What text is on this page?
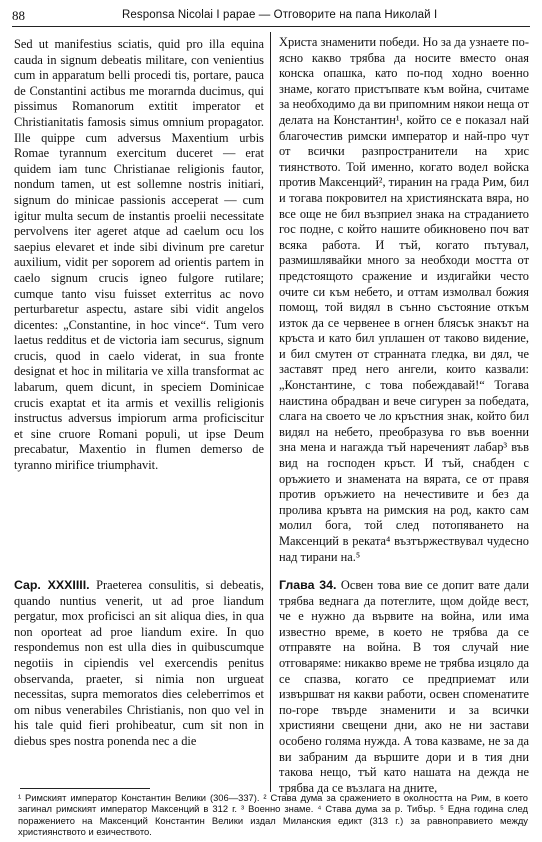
88	Responsa Nicolai I papae — Отговорите на папа Николай I

Sed ut manifestius sciatis, quid pro illa equina cauda in signum debeatis militare, con venientius cum in apparatum belli procedi tis, portare, pauca de Constantini actibus me morarnda ducimus, qui pissimus Romanorum extitit imperator et Christianitatis famosis simus omnium propagator. Ille quippe cum adversus Maxentium urbis Romae tyrannum exercitum duceret — erat quidem iam tunc Christianae religionis fautor, nondum tamen, ut est sollemne nostris initiari, signum do minicae passionis acceperat — cum igitur multa secum de instantis proelii necessitate pervolvens iter ageret atque ad caelum ocu los saepius elevaret et inde sibi divinum pre caretur auxilium, vidit per soporem ad orientis partem in caelo signum crucis igneo fulgore rutilare; cumque tanto visu fuisset exterritus ac novo perturbaretur aspectu, astare sibi vidit angelos dicentes: „Constantine, in hoc vince“. Tum vero laetus redditus et de victoria iam securus, signum crucis, quod in caelo viderat, in sua fronte designat et hoc in militaria ve xilla transformat ac labarum, quem dicunt, in speciem Dominicae crucis exaptat et ita armis et vexillis religionis instructus adversus impiorum arma proficiscitur et sine cruore Romani populi, ut ipse Deum precabatur, Maxentio in flumen demerso de tyranno mirifice triumphavit.

Cap. XXXIIII. Praeterea consulitis, si debeatis, quando nuntius venerit, ut ad proe liandum pergatur, mox proficisci an sit aliqua dies, in qua non oporteat ad proe liandum exire. In quo respondemus non est ulla dies in quibuscumque negotiis in cipiendis vel exercendis penitus observanda, praeter, si nimia non urgueat necessitas, supra memoratos dies celeberrimos et om nibus venerabiles Christianis, non quo vel in his tale quid fieri prohibeatur, cum sit non in diebus spes nostra ponenda nec a die

Христа знаменити победи. Но за да узнаете по-ясно какво трябва да носите вместо оная конска опашка, като по-под ходно военно знаме, когато пристъпвате към война, считаме за необходимо да ви припомним някои неща от делата на Константин¹, който се е показал най благочестив римски император и най-про чут от всички разпространители на хрис тиянството. Той именно, когато водел войска против Максенций², тиранин на града Рим, бил и тогава покровител на християнската вяра, но все още не бил възприел знака на страданието гос подне, с който нашите обикновено поч ват всяка работа. И тъй, когато пътувал, размишлявайки много за необходи мостта от предстоящото сражение и издигайки често очите си към небето, и оттам измолвал божия помощ, той видял в сънно състояние откъм изток да се червенее в огнен блясък знакът на кръста и като бил уплашен от таково видение, и бил смутен от странната гледка, ви дял, че заставят пред него ангели, които казвали: „Константине, с това побеждавай!“ Тогава наистина обрадван и вече сигурен за победата, слага на своето че ло кръстния знак, който бил видял на небето, преобразува го във военни зна мена и нагажда тъй нареченият лабар³ във вид на господен кръст. И тъй, снабден с оръжието и знамената на вярата, се от правя против оръжието на нечестивите и без да пролива кръвта на римския на род, както сам молил бога, той след потопяването на Максенций в реката⁴ възтържествувал чудесно над тирани на.⁵

Глава 34. Освен това вие се допит вате дали трябва веднага да потеглите, щом дойде вест, че е нужно да вървите на война, или има известно време, в което не трябва да се отправяте на война. В тоя случай ние отговаряме: никакво време не трябва изцяло да се спазва, когато се предприемат или извършват ня какви работи, освен споменатите по-горе твърде знаменити и за всички християни свещени дни, ако не ни застави особено голяма нужда. А това казваме, не за да ви забраним да вършите дори и в тия дни такова нещо, тъй като нашата на дежда не трябва да се възлага на дните,

¹ Римският император Константин Велики (306—337). ² Става дума за сражението в околността на Рим, в което загинал римският император Максенций в 312 г. ³ Военно знаме. ⁴ Става дума за р. Тибър. ⁵ Една година след поражението на Максенций Константин Велики издал Миланския едикт (313 г.) за равноправието между християнството и езичеството.
